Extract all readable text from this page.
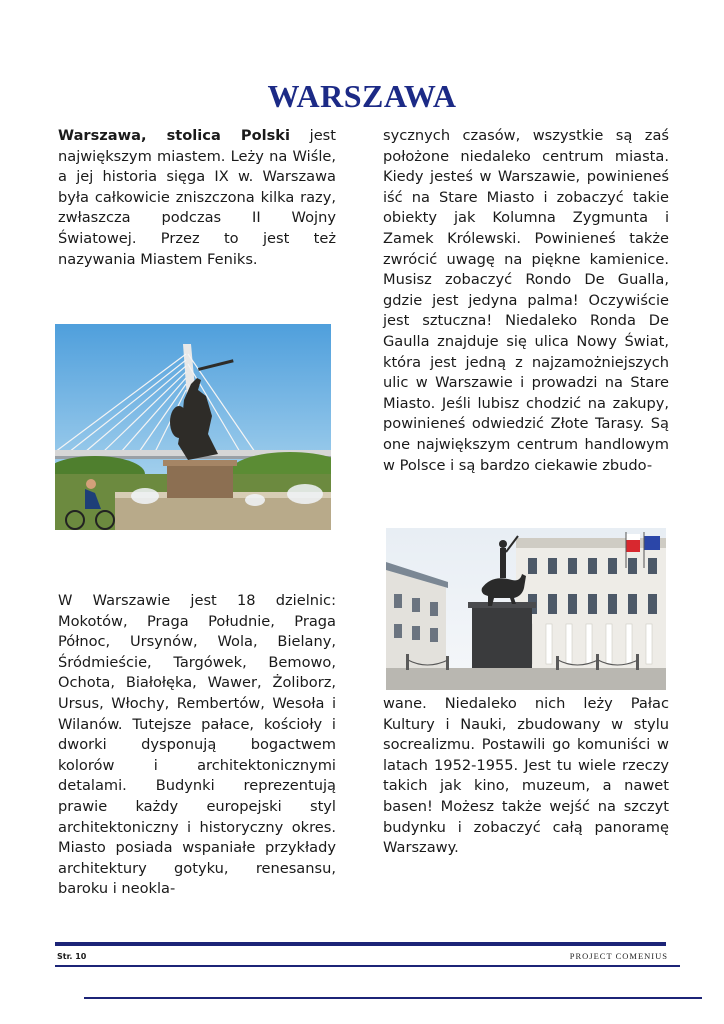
WARSZAWA

Warszawa, stolica Polski jest największym miastem. Leży na Wiśle, a jej historia sięga IX w. Warszawa była całkowicie zniszczona kilka razy, zwłaszcza podczas II Wojny Światowej. Przez to jest też nazywania Miastem Feniks.

sycznych czasów, wszystkie są zaś położone niedaleko centrum miasta. Kiedy jesteś w Warszawie, powinieneś iść na Stare Miasto i zobaczyć takie obiekty jak Kolumna Zygmunta i Zamek Królewski. Powinieneś także zwrócić uwagę na piękne kamienice. Musisz zobaczyć Rondo De Gualla, gdzie jest jedyna palma! Oczywiście jest sztuczna! Niedaleko Ronda De Gaulla znajduje się ulica Nowy Świat, która jest jedną z najzamożniejszych ulic w Warszawie i prowadzi na Stare Miasto. Jeśli lubisz chodzić na zakupy, powinieneś odwiedzić Złote Tarasy. Są one największym centrum handlowym w Polsce i są bardzo ciekawie zbudo-

W Warszawie jest 18 dzielnic: Mokotów, Praga Południe, Praga Północ, Ursynów, Wola, Bielany, Śródmieście, Targówek, Bemowo, Ochota, Białołęka, Wawer, Żoliborz, Ursus, Włochy, Rembertów, Wesoła i Wilanów. Tutejsze pałace, kościoły i dworki dysponują bogactwem kolorów i architektonicznymi detalami. Budynki reprezentują prawie każdy europejski styl architektoniczny i historyczny okres. Miasto posiada wspaniałe przykłady architektury gotyku, renesansu, baroku i neokla-

wane. Niedaleko nich leży Pałac Kultury i Nauki, zbudowany w stylu socrealizmu. Postawili go komuniści w latach 1952-1955. Jest tu wiele rzeczy takich jak kino, muzeum, a nawet basen! Możesz także wejść na szczyt budynku i zobaczyć całą panoramę Warszawy.

Str. 10	PROJECT COMENIUS
